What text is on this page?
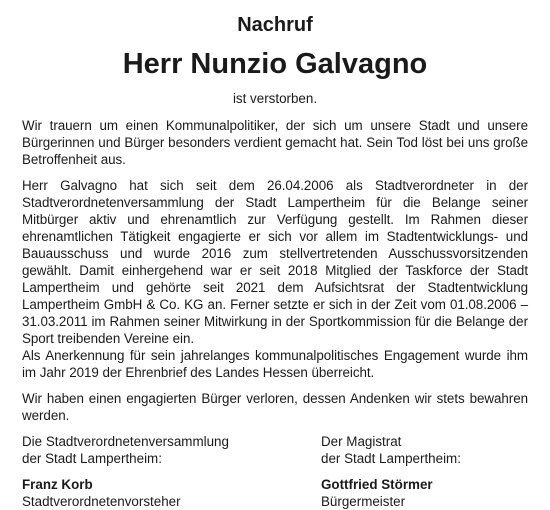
Nachruf
Herr Nunzio Galvagno

ist verstorben.

Wir trauern um einen Kommunalpolitiker, der sich um unsere Stadt und unsere Bürgerinnen und Bürger besonders verdient gemacht hat. Sein Tod löst bei uns große Betroffenheit aus.

Herr Galvagno hat sich seit dem 26.04.2006 als Stadtverordneter in der Stadtverordnetenversammlung der Stadt Lampertheim für die Belange seiner Mitbürger aktiv und ehrenamtlich zur Verfügung gestellt. Im Rahmen dieser ehrenamtlichen Tätigkeit engagierte er sich vor allem im Stadtentwicklungs- und Bauausschuss und wurde 2016 zum stellvertretenden Ausschussvorsitzenden gewählt. Damit einhergehend war er seit 2018 Mitglied der Taskforce der Stadt Lampertheim und gehörte seit 2021 dem Aufsichtsrat der Stadtentwicklung Lampertheim GmbH & Co. KG an. Ferner setzte er sich in der Zeit vom 01.08.2006 – 31.03.2011 im Rahmen seiner Mitwirkung in der Sportkommission für die Belange der Sport treibenden Vereine ein.

Als Anerkennung für sein jahrelanges kommunalpolitisches Engagement wurde ihm im Jahr 2019 der Ehrenbrief des Landes Hessen überreicht.

Wir haben einen engagierten Bürger verloren, dessen Andenken wir stets bewahren werden.

Die Stadtverordnetenversammlung
der Stadt Lampertheim:
Franz Korb
Stadtverordnetenvorsteher
Der Magistrat
der Stadt Lampertheim:
Gottfried Störmer
Bürgermeister
